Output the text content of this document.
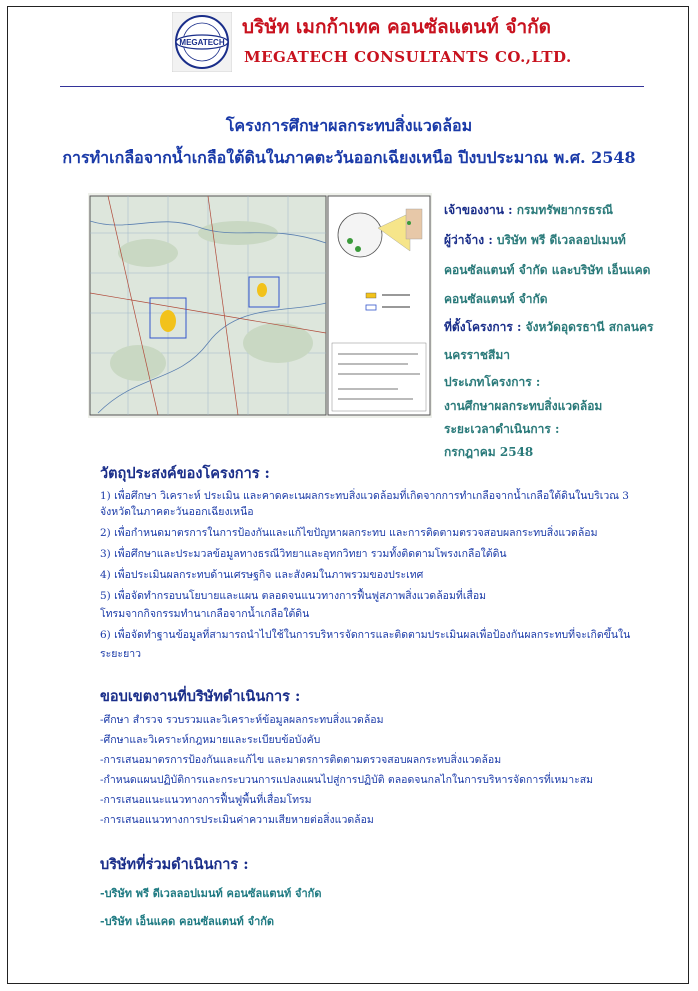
MEGATECH
บริษัท เมกก้าเทค คอนซัลแตนท์ จำกัด
MEGATECH CONSULTANTS CO.,LTD.
โครงการศึกษาผลกระทบสิ่งแวดล้อม
การทำเกลือจากน้ำเกลือใต้ดินในภาคตะวันออกเฉียงเหนือ ปีงบประมาณ พ.ศ. 2548
เจ้าของงาน : กรมทรัพยากรธรณี
ผู้ว่าจ้าง : บริษัท พรี ดีเวลลอปเมนท์
คอนซัลแตนท์ จำกัด และบริษัท เอ็นแคด
คอนซัลแตนท์ จำกัด
ที่ตั้งโครงการ : จังหวัดอุดรธานี สกลนคร
นครราชสีมา
ประเภทโครงการ :
งานศึกษาผลกระทบสิ่งแวดล้อม
ระยะเวลาดำเนินการ :
กรกฎาคม 2548
วัตถุประสงค์ของโครงการ :
1) เพื่อศึกษา วิเคราะห์ ประเมิน และคาดคะเนผลกระทบสิ่งแวดล้อมที่เกิดจากการทำเกลือจากน้ำเกลือใต้ดินในบริเวณ 3
จังหวัดในภาคตะวันออกเฉียงเหนือ
2) เพื่อกำหนดมาตรการในการป้องกันและแก้ไขปัญหาผลกระทบ และการติดตามตรวจสอบผลกระทบสิ่งแวดล้อม
3) เพื่อศึกษาและประมวลข้อมูลทางธรณีวิทยาและอุทกวิทยา รวมทั้งติดตามโพรงเกลือใต้ดิน
4) เพื่อประเมินผลกระทบด้านเศรษฐกิจ และสังคมในภาพรวมของประเทศ
5) เพื่อจัดทำกรอบนโยบายและแผน ตลอดจนแนวทางการฟื้นฟูสภาพสิ่งแวดล้อมที่เสื่อม
โทรมจากกิจกรรมทำนาเกลือจากน้ำเกลือใต้ดิน
6) เพื่อจัดทำฐานข้อมูลที่สามารถนำไปใช้ในการบริหารจัดการและติดตามประเมินผลเพื่อป้องกันผลกระทบที่จะเกิดขึ้นใน
ระยะยาว
ขอบเขตงานที่บริษัทดำเนินการ :
-ศึกษา สำรวจ รวบรวมและวิเคราะห์ข้อมูลผลกระทบสิ่งแวดล้อม
-ศึกษาและวิเคราะห์กฎหมายและระเบียบข้อบังคับ
-การเสนอมาตรการป้องกันและแก้ไข และมาตรการติดตามตรวจสอบผลกระทบสิ่งแวดล้อม
-กำหนดแผนปฏิบัติการและกระบวนการแปลงแผนไปสู่การปฏิบัติ ตลอดจนกลไกในการบริหารจัดการที่เหมาะสม
-การเสนอแนะแนวทางการฟื้นฟูพื้นที่เสื่อมโทรม
-การเสนอแนวทางการประเมินค่าความเสียหายต่อสิ่งแวดล้อม
บริษัทที่ร่วมดำเนินการ :
-บริษัท พรี ดีเวลลอปเมนท์ คอนซัลแตนท์ จำกัด
-บริษัท เอ็นแคด คอนซัลแตนท์ จำกัด
